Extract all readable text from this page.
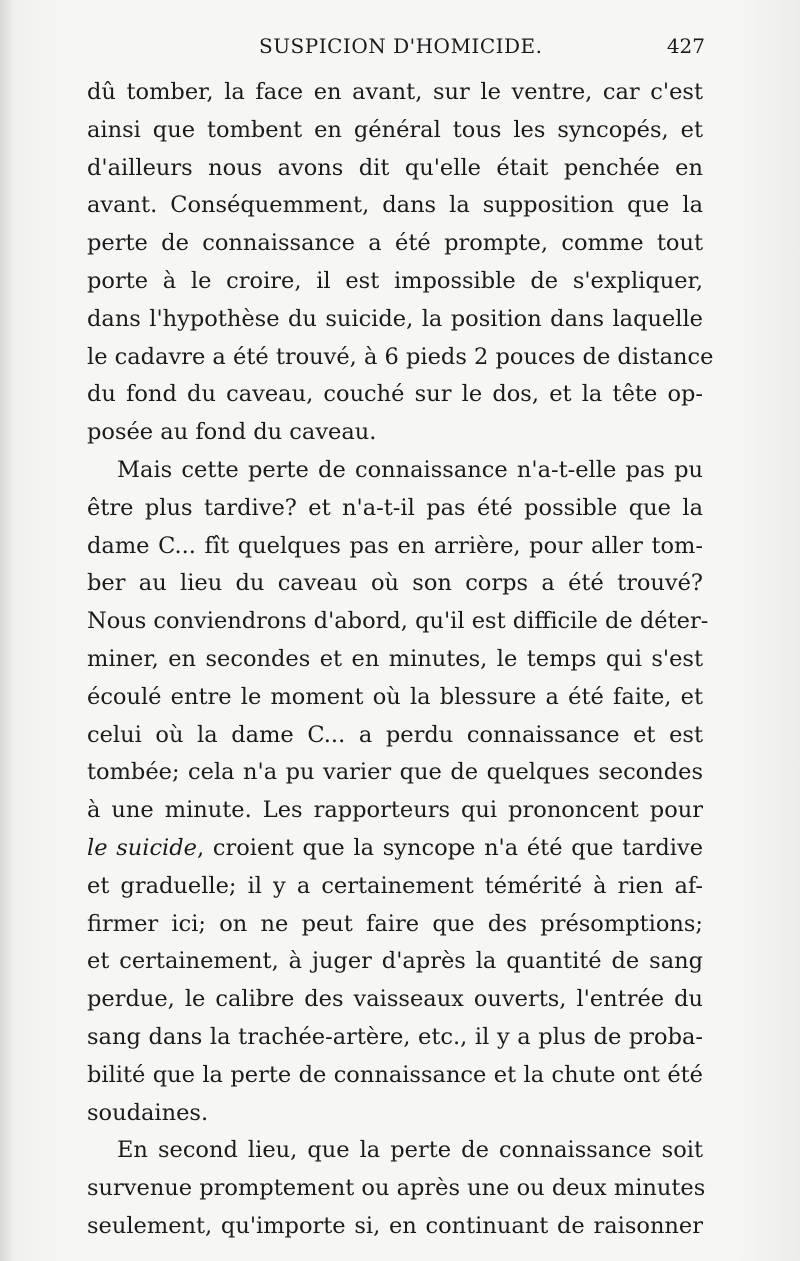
SUSPICION D'HOMICIDE.	427
dû tomber, la face en avant, sur le ventre, car c'est
ainsi que tombent en général tous les syncopés, et
d'ailleurs nous avons dit qu'elle était penchée en
avant. Conséquemment, dans la supposition que la
perte de connaissance a été prompte, comme tout
porte à le croire, il est impossible de s'expliquer,
dans l'hypothèse du suicide, la position dans laquelle
le cadavre a été trouvé, à 6 pieds 2 pouces de distance
du fond du caveau, couché sur le dos, et la tête op-
posée au fond du caveau.
Mais cette perte de connaissance n'a-t-elle pas pu
être plus tardive? et n'a-t-il pas été possible que la
dame C... fît quelques pas en arrière, pour aller tom-
ber au lieu du caveau où son corps a été trouvé?
Nous conviendrons d'abord, qu'il est difficile de déter-
miner, en secondes et en minutes, le temps qui s'est
écoulé entre le moment où la blessure a été faite, et
celui où la dame C... a perdu connaissance et est
tombée; cela n'a pu varier que de quelques secondes
à une minute. Les rapporteurs qui prononcent pour
le suicide, croient que la syncope n'a été que tardive
et graduelle; il y a certainement témérité à rien af-
firmer ici; on ne peut faire que des présomptions;
et certainement, à juger d'après la quantité de sang
perdue, le calibre des vaisseaux ouverts, l'entrée du
sang dans la trachée-artère, etc., il y a plus de proba-
bilité que la perte de connaissance et la chute ont été
soudaines.
En second lieu, que la perte de connaissance soit
survenue promptement ou après une ou deux minutes
seulement, qu'importe si, en continuant de raisonner
